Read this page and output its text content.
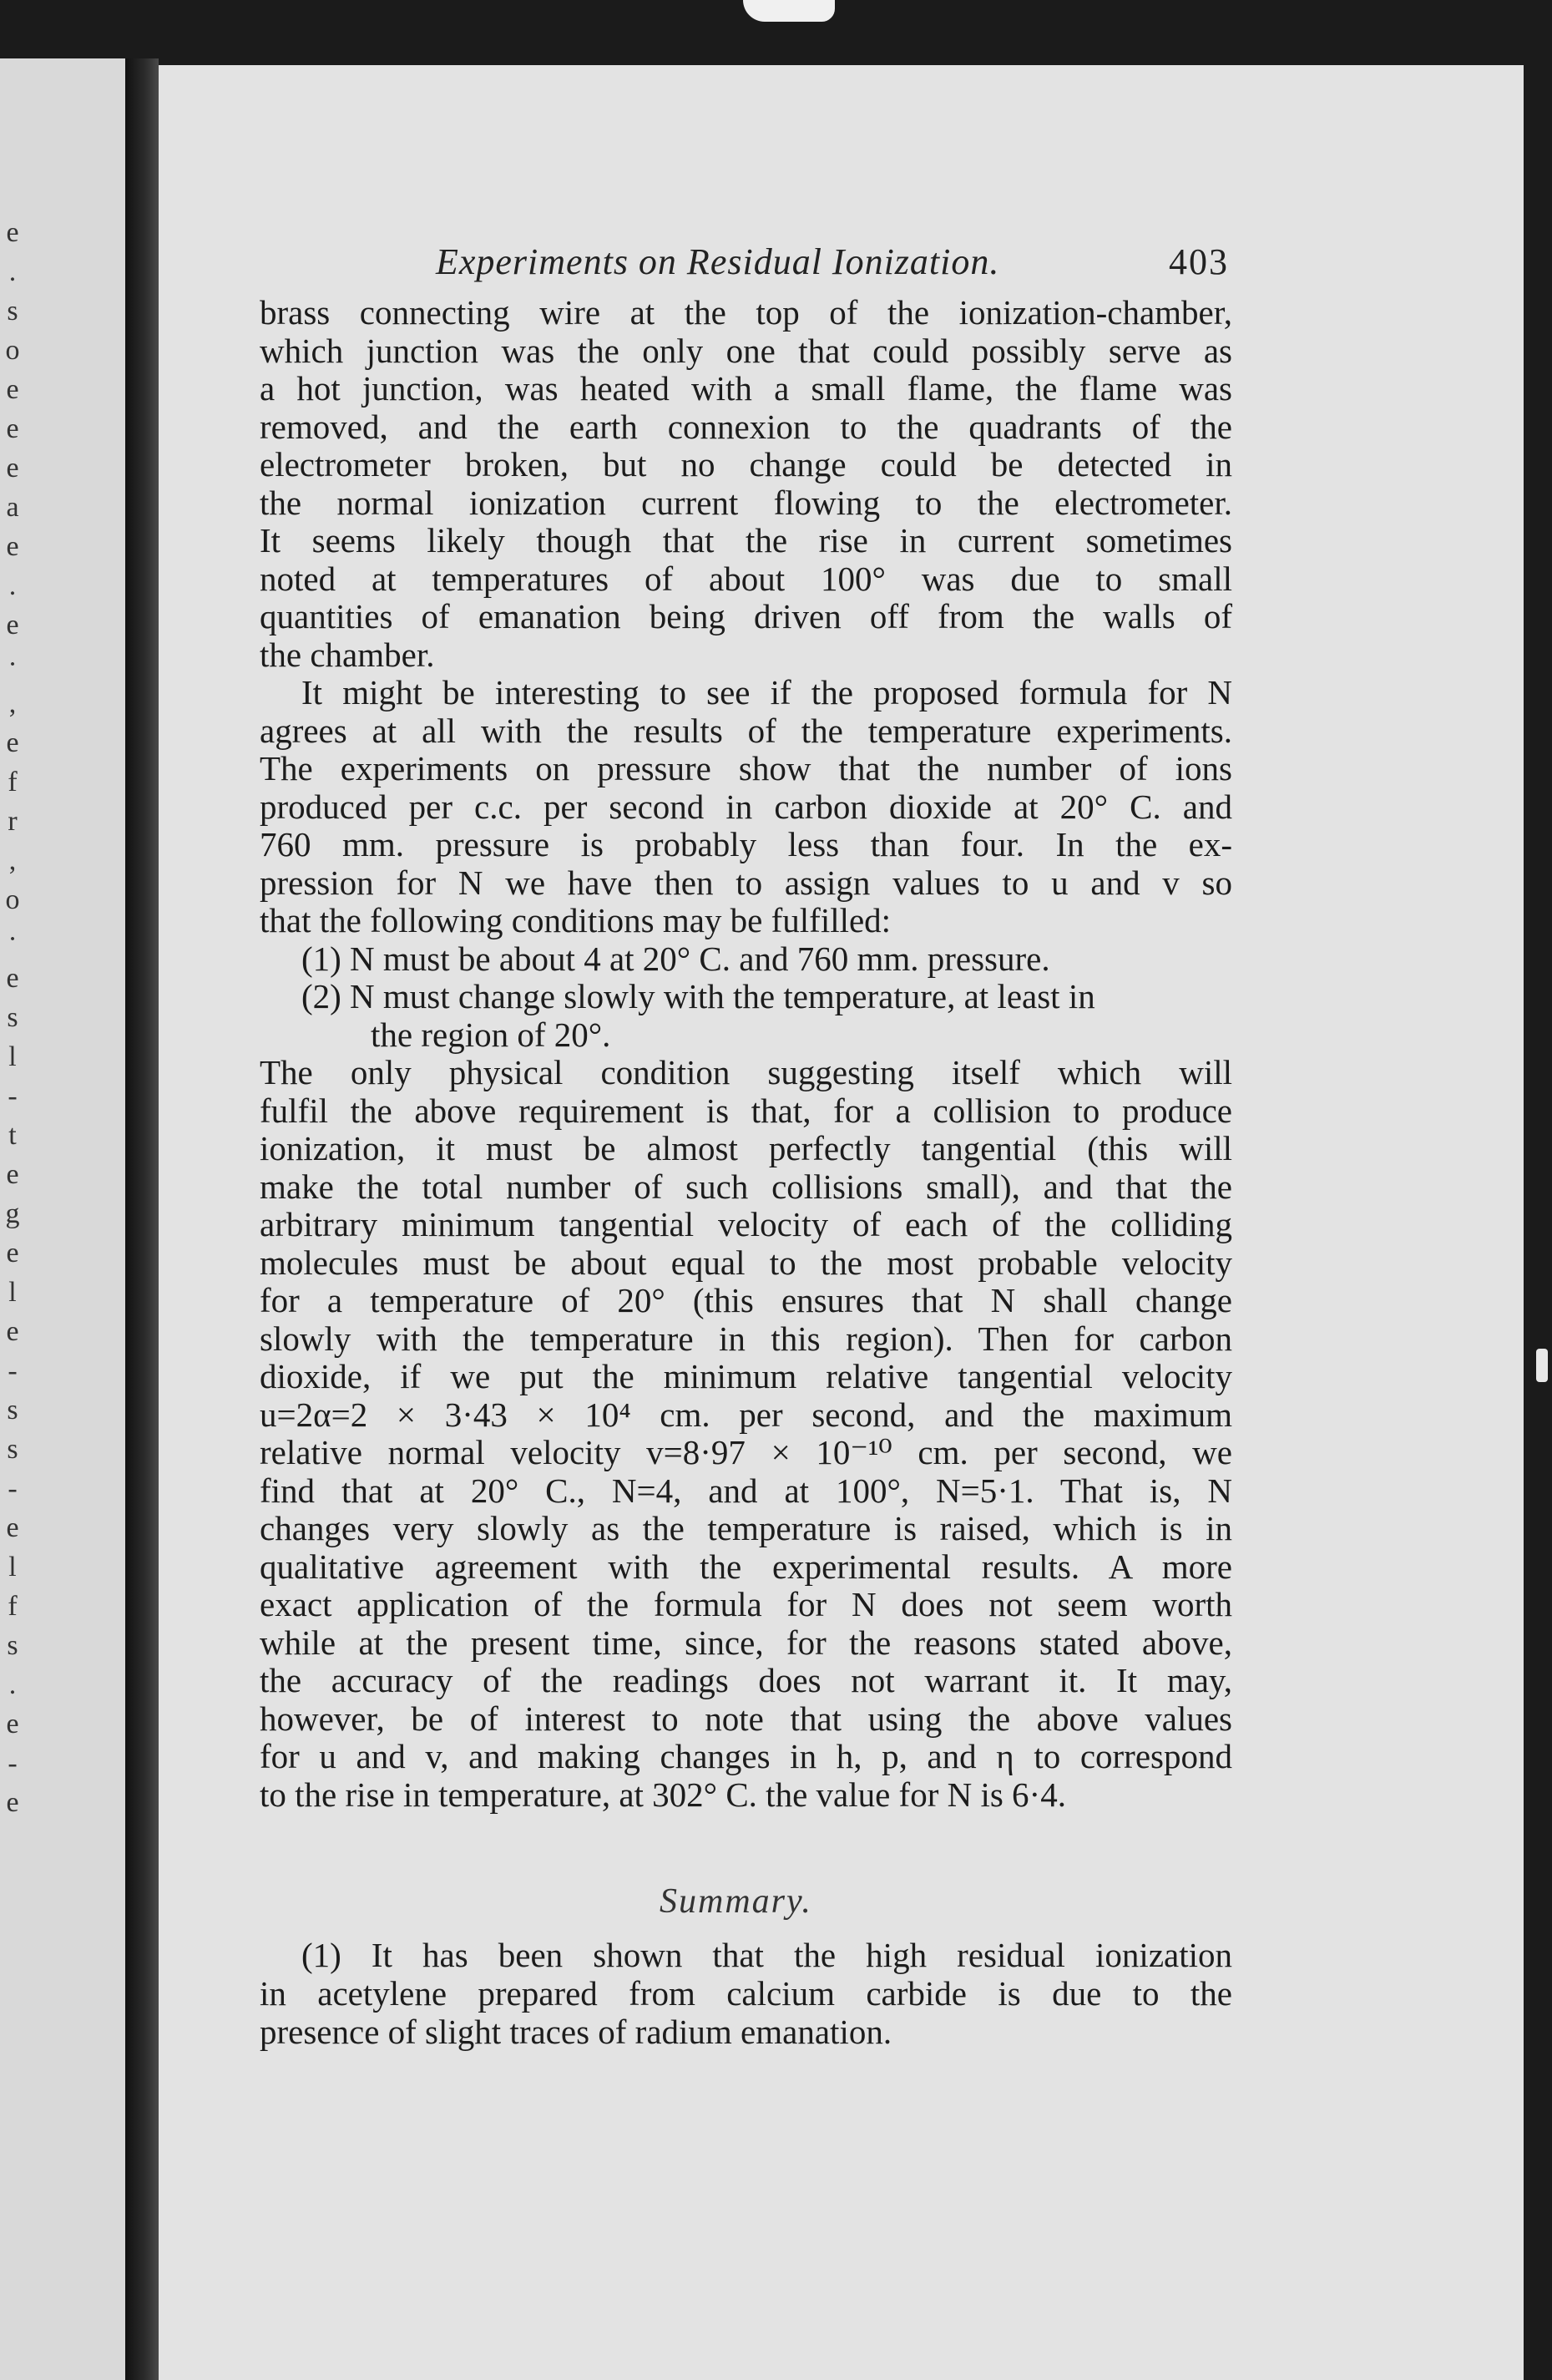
e
.
s
o
e
e
e
a
e
.
e
·
,
e
f
r
,
o
·
e
s
l
-
t
e
g
e
l
e
-
s
s
-
e
l
f
s
.
e
-
e
Experiments on Residual Ionization.	403

brass connecting wire at the top of the ionization-chamber,
which junction was the only one that could possibly serve as
a hot junction, was heated with a small flame, the flame was
removed, and the earth connexion to the quadrants of the
electrometer broken, but no change could be detected in
the normal ionization current flowing to the electrometer.
It seems likely though that the rise in current sometimes
noted at temperatures of about 100° was due to small
quantities of emanation being driven off from the walls of
the chamber.

It might be interesting to see if the proposed formula for N
agrees at all with the results of the temperature experiments.
The experiments on pressure show that the number of ions
produced per c.c. per second in carbon dioxide at 20° C. and
760 mm. pressure is probably less than four. In the ex-
pression for N we have then to assign values to u and v so
that the following conditions may be fulfilled:

(1) N must be about 4 at 20° C. and 760 mm. pressure.
(2) N must change slowly with the temperature, at least in
the region of 20°.

The only physical condition suggesting itself which will
fulfil the above requirement is that, for a collision to produce
ionization, it must be almost perfectly tangential (this will
make the total number of such collisions small), and that the
arbitrary minimum tangential velocity of each of the colliding
molecules must be about equal to the most probable velocity
for a temperature of 20° (this ensures that N shall change
slowly with the temperature in this region). Then for carbon
dioxide, if we put the minimum relative tangential velocity
u=2α=2 × 3·43 × 10⁴ cm. per second, and the maximum
relative normal velocity v=8·97 × 10⁻¹⁰ cm. per second, we
find that at 20° C., N=4, and at 100°, N=5·1. That is, N
changes very slowly as the temperature is raised, which is in
qualitative agreement with the experimental results. A more
exact application of the formula for N does not seem worth
while at the present time, since, for the reasons stated above,
the accuracy of the readings does not warrant it. It may,
however, be of interest to note that using the above values
for u and v, and making changes in h, p, and η to correspond
to the rise in temperature, at 302° C. the value for N is 6·4.

Summary.
(1) It has been shown that the high residual ionization
in acetylene prepared from calcium carbide is due to the
presence of slight traces of radium emanation.
